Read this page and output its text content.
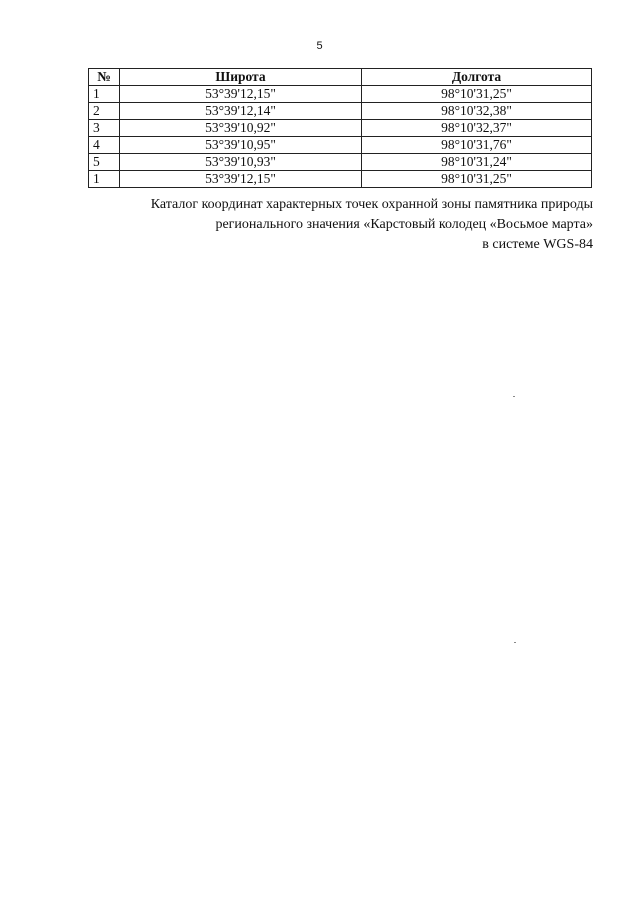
5
№	Широта	Долгота
1	53°39'12,15"	98°10'31,25"
2	53°39'12,14"	98°10'32,38"
3	53°39'10,92"	98°10'32,37"
4	53°39'10,95"	98°10'31,76"
5	53°39'10,93"	98°10'31,24"
1	53°39'12,15"	98°10'31,25"
Каталог координат характерных точек охранной зоны памятника природы
регионального значения «Карстовый колодец «Восьмое марта»
в системе WGS-84
